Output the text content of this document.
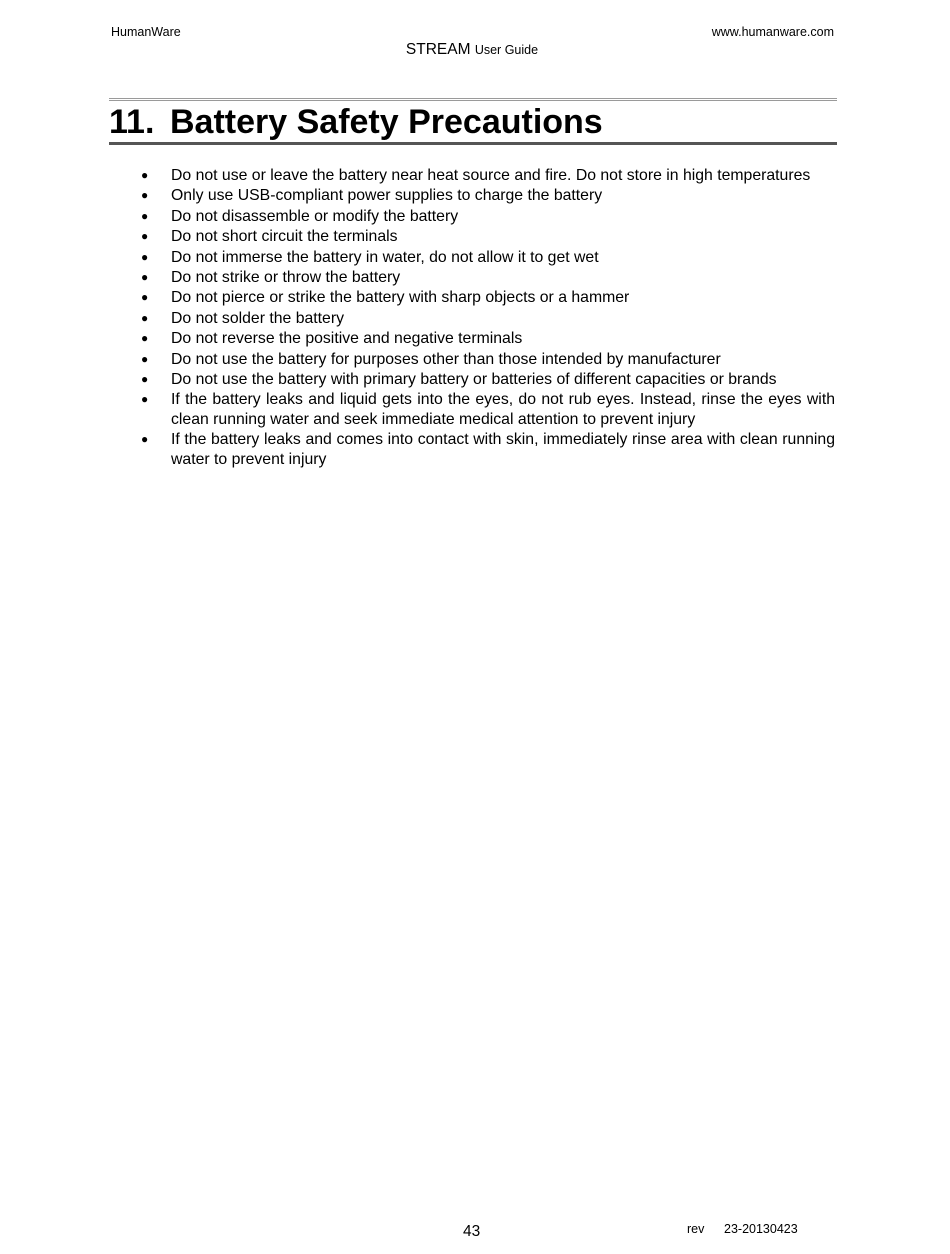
HumanWare	www.humanware.com
STREAM User Guide
11. Battery Safety Precautions
● Do not use or leave the battery near heat source and fire. Do not store in high temperatures
● Only use USB-compliant power supplies to charge the battery
● Do not disassemble or modify the battery
● Do not short circuit the terminals
● Do not immerse the battery in water, do not allow it to get wet
● Do not strike or throw the battery
● Do not pierce or strike the battery with sharp objects or a hammer
● Do not solder the battery
● Do not reverse the positive and negative terminals
● Do not use the battery for purposes other than those intended by manufacturer
● Do not use the battery with primary battery or batteries of different capacities or brands
● If the battery leaks and liquid gets into the eyes, do not rub eyes. Instead, rinse the eyes with clean running water and seek immediate medical attention to prevent injury
● If the battery leaks and comes into contact with skin, immediately rinse area with clean running water to prevent injury
43	rev 23-20130423
